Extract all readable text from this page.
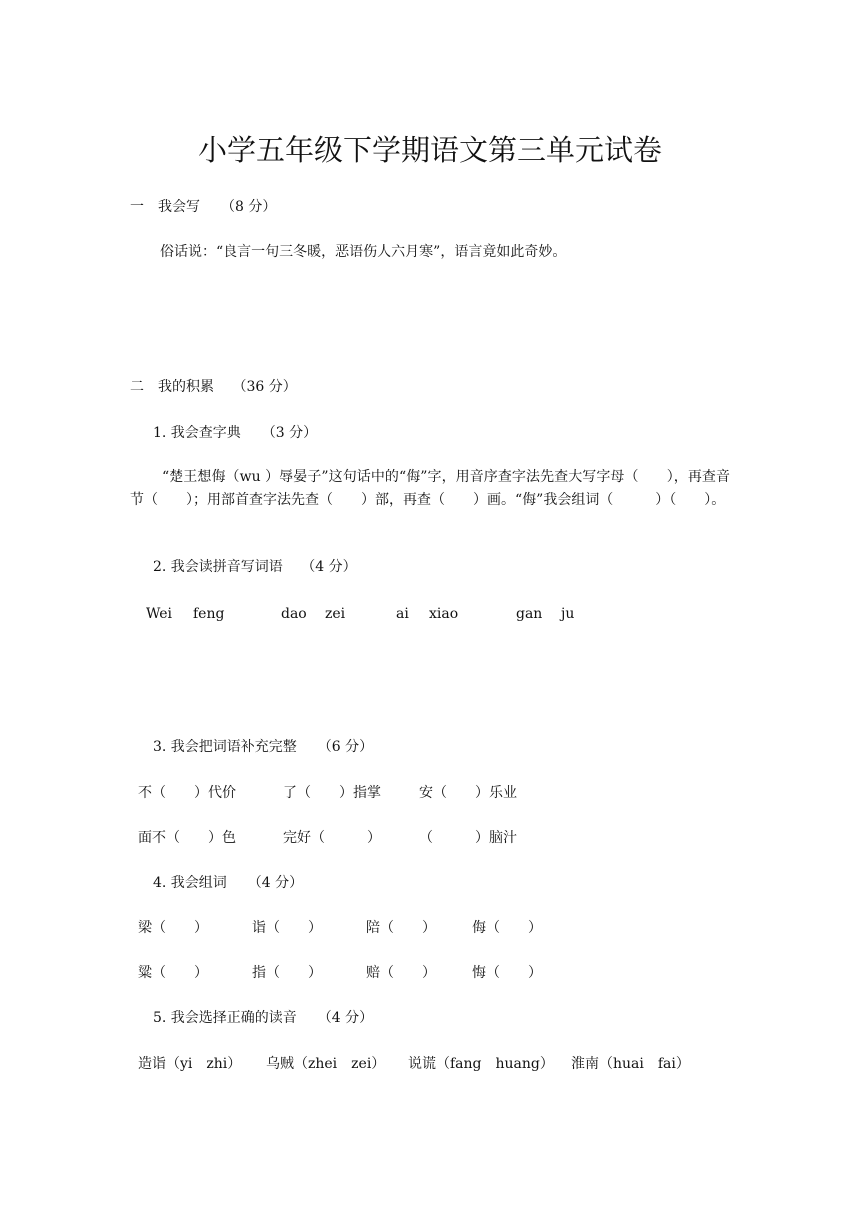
小学五年级下学期语文第三单元试卷
一　我会写　　（8 分）
俗话说：“良言一句三冬暖，恶语伤人六月寒”，语言竟如此奇妙。
二　我的积累　 （36 分）
1. 我会查字典　　（3 分）
“楚王想侮（wu ）辱晏子”这句话中的“侮”字，用音序查字法先查大写字母（　　），再查音节（　　）；用部首查字法先查（　　）部，再查（　　）画。“侮”我会组词（　　　）（　　）。
2. 我会读拼音写词语　 （4 分）
Wei feng	dao zei	ai xiao	gan ju
3. 我会把词语补充完整　　（6 分）
不（　　）代价	了（　　）指掌	安（　　）乐业
面不（　　）色	完好（　　　）	（　　　）脑汁
4. 我会组词　　（4 分）
梁（　　）	诣（　　）	陪（　　）	侮（　　）
粱（　　）	指（　　）	赔（　　）	悔（　　）
5. 我会选择正确的读音　　（4 分）
造诣（yi　zhi） 乌贼（zhei　zei） 说谎（fang　huang） 淮南（huai　fai）
